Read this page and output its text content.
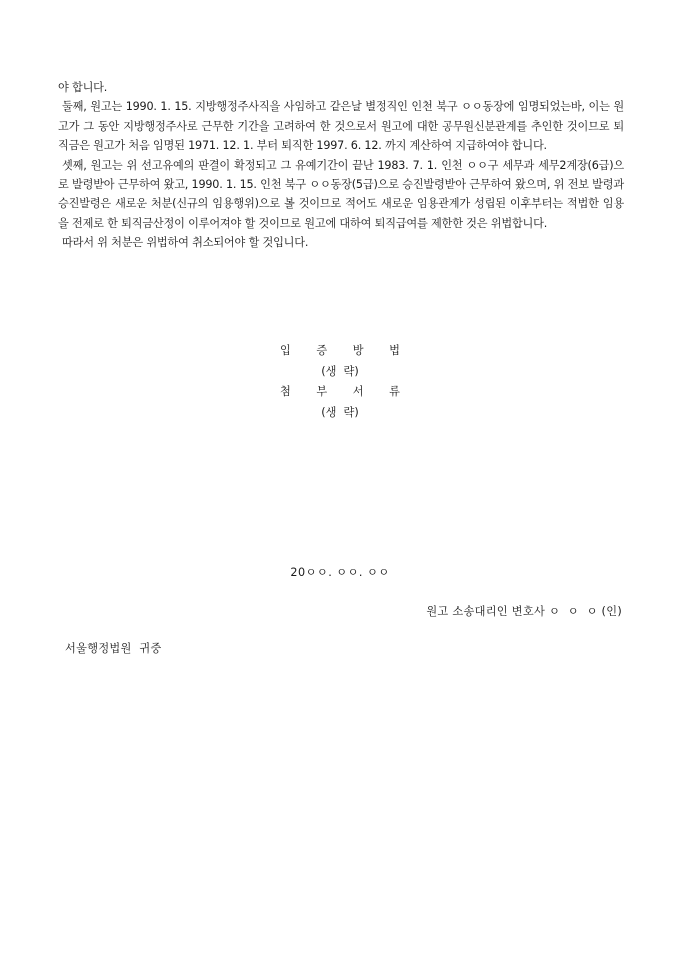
야 합니다.

둘째, 원고는 1990. 1. 15. 지방행정주사직을 사임하고 같은날 별정직인 인천 북구 ㅇㅇ동장에 임명되었는바, 이는 원고가 그 동안 지방행정주사로 근무한 기간을 고려하여 한 것으로서 원고에 대한 공무원신분관계를 추인한 것이므로 퇴직금은 원고가 처음 임명된 1971. 12. 1. 부터 퇴직한 1997. 6. 12. 까지 계산하여 지급하여야 합니다.

셋째, 원고는 위 선고유예의 판결이 확정되고 그 유예기간이 끝난 1983. 7. 1. 인천 ㅇㅇ구 세무과 세무2계장(6급)으로 발령받아 근무하여 왔고, 1990. 1. 15. 인천 북구 ㅇㅇ동장(5급)으로 승진발령받아 근무하여 왔으며, 위 전보 발령과 승진발령은 새로운 처분(신규의 임용행위)으로 볼 것이므로 적어도 새로운 임용관계가 성립된 이후부터는 적법한 임용을 전제로 한 퇴직금산정이 이루어져야 할 것이므로 원고에 대하여 퇴직급여를 제한한 것은 위법합니다.

따라서 위 처분은 위법하여 취소되어야 할 것입니다.

입 증 방 법
(생  략)
첨 부 서 류
(생  략)
20ㅇㅇ. ㅇㅇ. ㅇㅇ
원고 소송대리인 변호사 ㅇ  ㅇ  ㅇ (인)
서울행정법원  귀중
